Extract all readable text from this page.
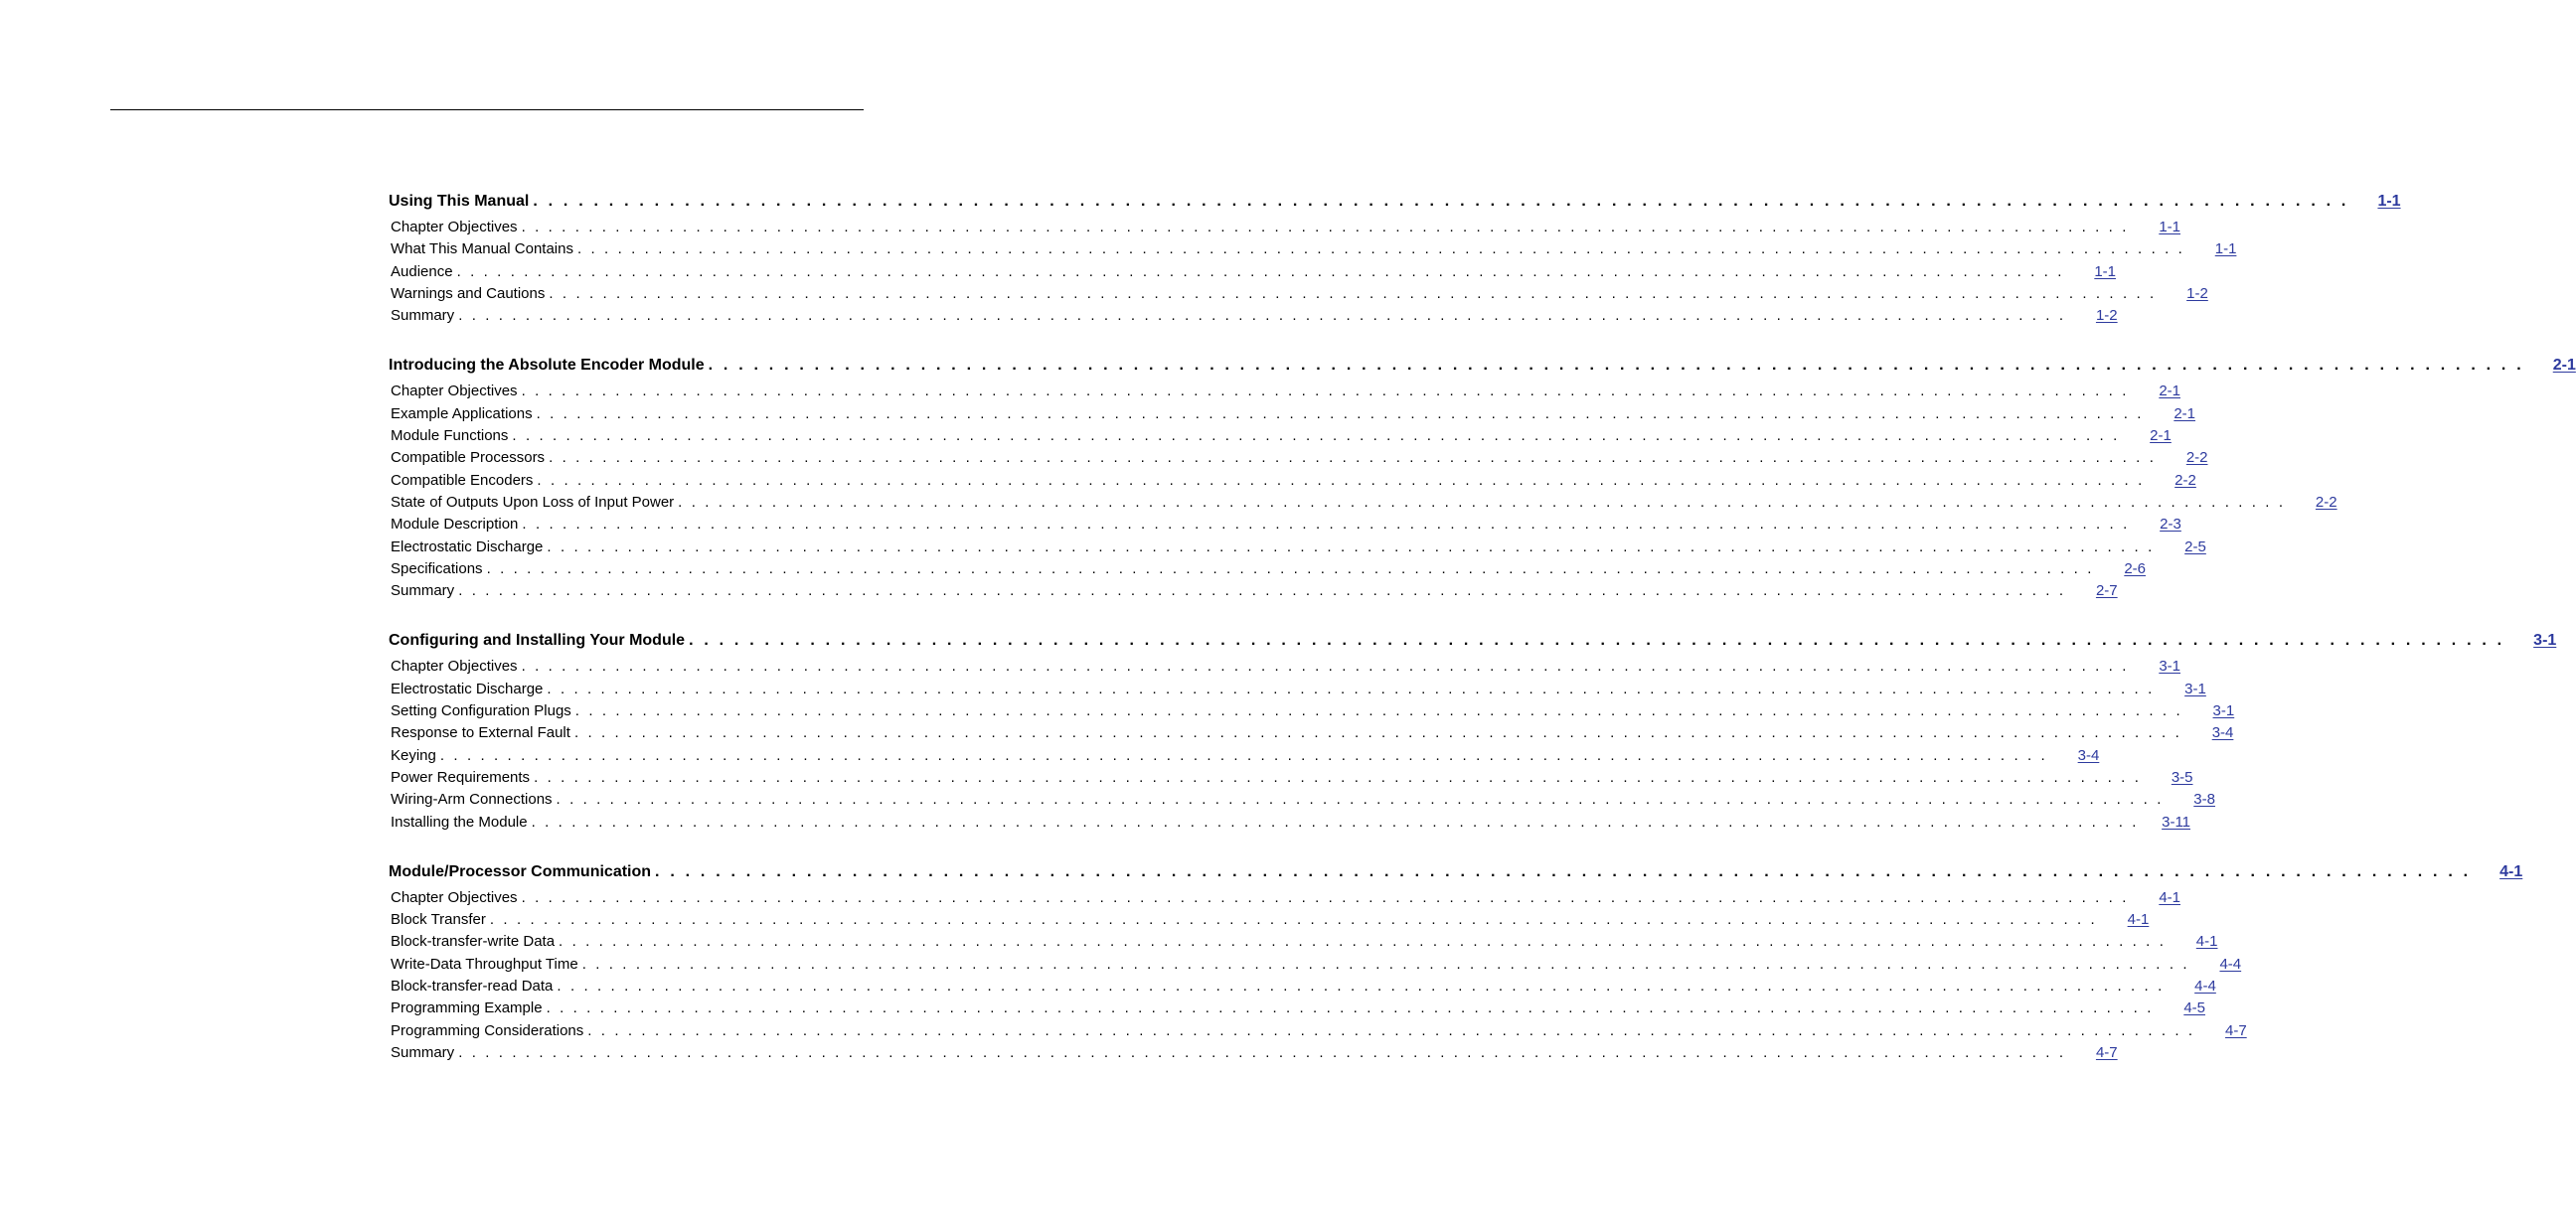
Using This Manual . . . . . . . . . . . . . . . . . . . . . . . . . . . . . . . . . . . . . . . . . . . . . . . . . . . . . . . . . . . . . . . . . . . . . . . . . . . . . . . . . . . . . . . . . . . . . . . . . . . . . . . . . . . . . . . . . . . . . . . .	1-1
Chapter Objectives . . . . . . . . . . . . . . . . . . . . . . . . . . . . . . . . . . . . . . . . . . . . . . . . . . . . . . . . . . . . . . . . . . . . . . . . . . . . . . . . . . . . . . . . . . . . . . . . . . . . . . . . . . . . . . . . . . . . . . . .	1-1
What This Manual Contains . . . . . . . . . . . . . . . . . . . . . . . . . . . . . . . . . . . . . . . . . . . . . . . . . . . . . . . . . . . . . . . . . . . . . . . . . . . . . . . . . . . . . . . . . . . . . . . . . . . . . . . . . . . . . . . . . . . . . . . .	1-1
Audience . . . . . . . . . . . . . . . . . . . . . . . . . . . . . . . . . . . . . . . . . . . . . . . . . . . . . . . . . . . . . . . . . . . . . . . . . . . . . . . . . . . . . . . . . . . . . . . . . . . . . . . . . . . . . . . . . . . . . . . .	1-1
Warnings and Cautions . . . . . . . . . . . . . . . . . . . . . . . . . . . . . . . . . . . . . . . . . . . . . . . . . . . . . . . . . . . . . . . . . . . . . . . . . . . . . . . . . . . . . . . . . . . . . . . . . . . . . . . . . . . . . . . . . . . . . . . .	1-2
Summary . . . . . . . . . . . . . . . . . . . . . . . . . . . . . . . . . . . . . . . . . . . . . . . . . . . . . . . . . . . . . . . . . . . . . . . . . . . . . . . . . . . . . . . . . . . . . . . . . . . . . . . . . . . . . . . . . . . . . . . .	1-2
Introducing the Absolute Encoder Module . . . . . . . . . . . . . . . . . . . . . . . . . . . . . . . . . . . . . . . . . . . . . . . . . . . . . . . . . . . . . . . . . . . . . . . . . . . . . . . . . . . . . . . . . . . . . . . . . . . . . . . . . . . . . . . . . . . . . . . .	2-1
Chapter Objectives . . . . . . . . . . . . . . . . . . . . . . . . . . . . . . . . . . . . . . . . . . . . . . . . . . . . . . . . . . . . . . . . . . . . . . . . . . . . . . . . . . . . . . . . . . . . . . . . . . . . . . . . . . . . . . . . . . . . . . . .	2-1
Example Applications . . . . . . . . . . . . . . . . . . . . . . . . . . . . . . . . . . . . . . . . . . . . . . . . . . . . . . . . . . . . . . . . . . . . . . . . . . . . . . . . . . . . . . . . . . . . . . . . . . . . . . . . . . . . . . . . . . . . . . . .	2-1
Module Functions . . . . . . . . . . . . . . . . . . . . . . . . . . . . . . . . . . . . . . . . . . . . . . . . . . . . . . . . . . . . . . . . . . . . . . . . . . . . . . . . . . . . . . . . . . . . . . . . . . . . . . . . . . . . . . . . . . . . . . . .	2-1
Compatible Processors . . . . . . . . . . . . . . . . . . . . . . . . . . . . . . . . . . . . . . . . . . . . . . . . . . . . . . . . . . . . . . . . . . . . . . . . . . . . . . . . . . . . . . . . . . . . . . . . . . . . . . . . . . . . . . . . . . . . . . . .	2-2
Compatible Encoders . . . . . . . . . . . . . . . . . . . . . . . . . . . . . . . . . . . . . . . . . . . . . . . . . . . . . . . . . . . . . . . . . . . . . . . . . . . . . . . . . . . . . . . . . . . . . . . . . . . . . . . . . . . . . . . . . . . . . . . .	2-2
State of Outputs Upon Loss of Input Power . . . . . . . . . . . . . . . . . . . . . . . . . . . . . . . . . . . . . . . . . . . . . . . . . . . . . . . . . . . . . . . . . . . . . . . . . . . . . . . . . . . . . . . . . . . . . . . . . . . . . . . . . . . . . . . . . . . . . . . .	2-2
Module Description . . . . . . . . . . . . . . . . . . . . . . . . . . . . . . . . . . . . . . . . . . . . . . . . . . . . . . . . . . . . . . . . . . . . . . . . . . . . . . . . . . . . . . . . . . . . . . . . . . . . . . . . . . . . . . . . . . . . . . . .	2-3
Electrostatic Discharge . . . . . . . . . . . . . . . . . . . . . . . . . . . . . . . . . . . . . . . . . . . . . . . . . . . . . . . . . . . . . . . . . . . . . . . . . . . . . . . . . . . . . . . . . . . . . . . . . . . . . . . . . . . . . . . . . . . . . . . .	2-5
Specifications . . . . . . . . . . . . . . . . . . . . . . . . . . . . . . . . . . . . . . . . . . . . . . . . . . . . . . . . . . . . . . . . . . . . . . . . . . . . . . . . . . . . . . . . . . . . . . . . . . . . . . . . . . . . . . . . . . . . . . . .	2-6
Summary . . . . . . . . . . . . . . . . . . . . . . . . . . . . . . . . . . . . . . . . . . . . . . . . . . . . . . . . . . . . . . . . . . . . . . . . . . . . . . . . . . . . . . . . . . . . . . . . . . . . . . . . . . . . . . . . . . . . . . . .	2-7
Configuring and Installing Your Module . . . . . . . . . . . . . . . . . . . . . . . . . . . . . . . . . . . . . . . . . . . . . . . . . . . . . . . . . . . . . . . . . . . . . . . . . . . . . . . . . . . . . . . . . . . . . . . . . . . . . . . . . . . . . . . . . . . . . . . .	3-1
Chapter Objectives . . . . . . . . . . . . . . . . . . . . . . . . . . . . . . . . . . . . . . . . . . . . . . . . . . . . . . . . . . . . . . . . . . . . . . . . . . . . . . . . . . . . . . . . . . . . . . . . . . . . . . . . . . . . . . . . . . . . . . . .	3-1
Electrostatic Discharge . . . . . . . . . . . . . . . . . . . . . . . . . . . . . . . . . . . . . . . . . . . . . . . . . . . . . . . . . . . . . . . . . . . . . . . . . . . . . . . . . . . . . . . . . . . . . . . . . . . . . . . . . . . . . . . . . . . . . . . .	3-1
Setting Configuration Plugs . . . . . . . . . . . . . . . . . . . . . . . . . . . . . . . . . . . . . . . . . . . . . . . . . . . . . . . . . . . . . . . . . . . . . . . . . . . . . . . . . . . . . . . . . . . . . . . . . . . . . . . . . . . . . . . . . . . . . . . .	3-1
Response to External Fault . . . . . . . . . . . . . . . . . . . . . . . . . . . . . . . . . . . . . . . . . . . . . . . . . . . . . . . . . . . . . . . . . . . . . . . . . . . . . . . . . . . . . . . . . . . . . . . . . . . . . . . . . . . . . . . . . . . . . . . .	3-4
Keying . . . . . . . . . . . . . . . . . . . . . . . . . . . . . . . . . . . . . . . . . . . . . . . . . . . . . . . . . . . . . . . . . . . . . . . . . . . . . . . . . . . . . . . . . . . . . . . . . . . . . . . . . . . . . . . . . . . . . . . .	3-4
Power Requirements . . . . . . . . . . . . . . . . . . . . . . . . . . . . . . . . . . . . . . . . . . . . . . . . . . . . . . . . . . . . . . . . . . . . . . . . . . . . . . . . . . . . . . . . . . . . . . . . . . . . . . . . . . . . . . . . . . . . . . . .	3-5
Wiring-Arm Connections . . . . . . . . . . . . . . . . . . . . . . . . . . . . . . . . . . . . . . . . . . . . . . . . . . . . . . . . . . . . . . . . . . . . . . . . . . . . . . . . . . . . . . . . . . . . . . . . . . . . . . . . . . . . . . . . . . . . . . . .	3-8
Installing the Module . . . . . . . . . . . . . . . . . . . . . . . . . . . . . . . . . . . . . . . . . . . . . . . . . . . . . . . . . . . . . . . . . . . . . . . . . . . . . . . . . . . . . . . . . . . . . . . . . . . . . . . . . . . . . . . . . . . . . . . .	3-11
Module/Processor Communication . . . . . . . . . . . . . . . . . . . . . . . . . . . . . . . . . . . . . . . . . . . . . . . . . . . . . . . . . . . . . . . . . . . . . . . . . . . . . . . . . . . . . . . . . . . . . . . . . . . . . . . . . . . . . . . . . . . . . . . .	4-1
Chapter Objectives . . . . . . . . . . . . . . . . . . . . . . . . . . . . . . . . . . . . . . . . . . . . . . . . . . . . . . . . . . . . . . . . . . . . . . . . . . . . . . . . . . . . . . . . . . . . . . . . . . . . . . . . . . . . . . . . . . . . . . . .	4-1
Block Transfer . . . . . . . . . . . . . . . . . . . . . . . . . . . . . . . . . . . . . . . . . . . . . . . . . . . . . . . . . . . . . . . . . . . . . . . . . . . . . . . . . . . . . . . . . . . . . . . . . . . . . . . . . . . . . . . . . . . . . . . .	4-1
Block-transfer-write Data . . . . . . . . . . . . . . . . . . . . . . . . . . . . . . . . . . . . . . . . . . . . . . . . . . . . . . . . . . . . . . . . . . . . . . . . . . . . . . . . . . . . . . . . . . . . . . . . . . . . . . . . . . . . . . . . . . . . . . . .	4-1
Write-Data Throughput Time . . . . . . . . . . . . . . . . . . . . . . . . . . . . . . . . . . . . . . . . . . . . . . . . . . . . . . . . . . . . . . . . . . . . . . . . . . . . . . . . . . . . . . . . . . . . . . . . . . . . . . . . . . . . . . . . . . . . . . . .	4-4
Block-transfer-read Data . . . . . . . . . . . . . . . . . . . . . . . . . . . . . . . . . . . . . . . . . . . . . . . . . . . . . . . . . . . . . . . . . . . . . . . . . . . . . . . . . . . . . . . . . . . . . . . . . . . . . . . . . . . . . . . . . . . . . . . .	4-4
Programming Example . . . . . . . . . . . . . . . . . . . . . . . . . . . . . . . . . . . . . . . . . . . . . . . . . . . . . . . . . . . . . . . . . . . . . . . . . . . . . . . . . . . . . . . . . . . . . . . . . . . . . . . . . . . . . . . . . . . . . . . .	4-5
Programming Considerations . . . . . . . . . . . . . . . . . . . . . . . . . . . . . . . . . . . . . . . . . . . . . . . . . . . . . . . . . . . . . . . . . . . . . . . . . . . . . . . . . . . . . . . . . . . . . . . . . . . . . . . . . . . . . . . . . . . . . . . .	4-7
Summary . . . . . . . . . . . . . . . . . . . . . . . . . . . . . . . . . . . . . . . . . . . . . . . . . . . . . . . . . . . . . . . . . . . . . . . . . . . . . . . . . . . . . . . . . . . . . . . . . . . . . . . . . . . . . . . . . . . . . . . .	4-7
